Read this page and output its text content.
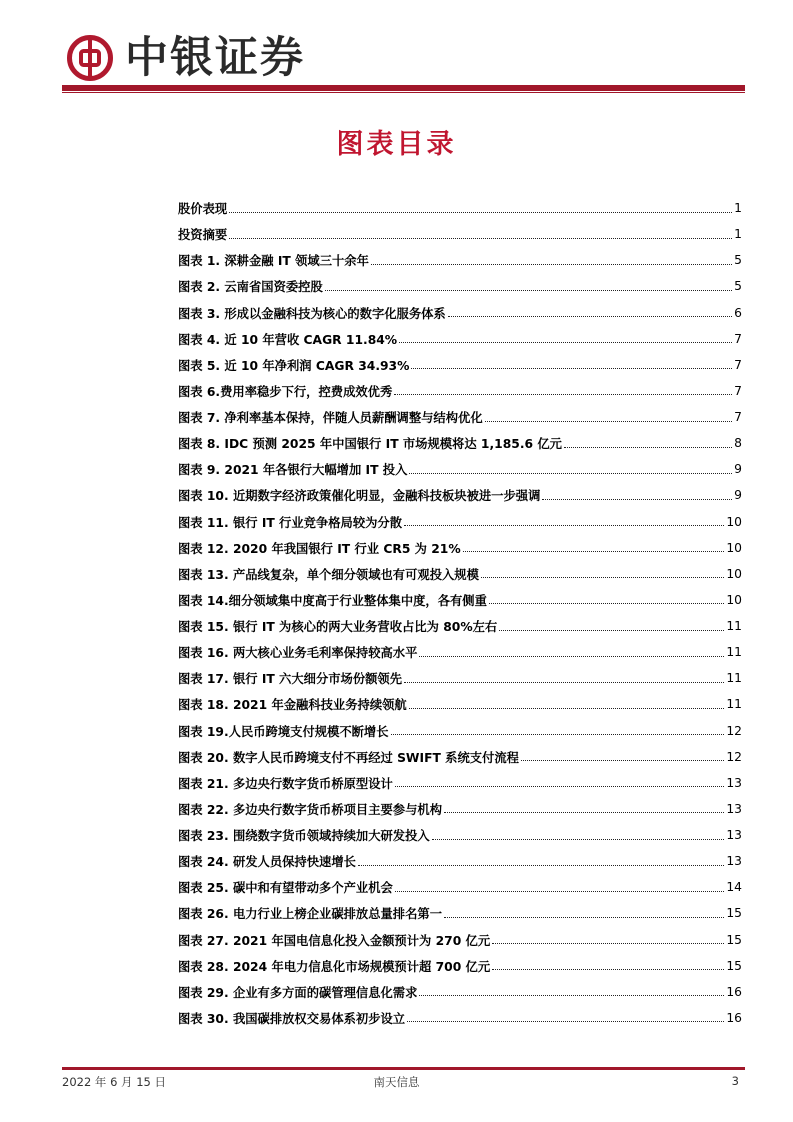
中银证券
图表目录
股价表现	1
投资摘要	1
图表 1. 深耕金融 IT 领域三十余年	5
图表 2. 云南省国资委控股	5
图表 3. 形成以金融科技为核心的数字化服务体系	6
图表 4. 近 10 年营收 CAGR 11.84%	7
图表 5. 近 10 年净利润 CAGR 34.93%	7
图表 6.费用率稳步下行，控费成效优秀	7
图表 7. 净利率基本保持，伴随人员薪酬调整与结构优化	7
图表 8. IDC 预测 2025 年中国银行 IT 市场规模将达 1,185.6 亿元	8
图表 9. 2021 年各银行大幅增加 IT 投入	9
图表 10. 近期数字经济政策催化明显，金融科技板块被进一步强调	9
图表 11. 银行 IT 行业竞争格局较为分散	10
图表 12. 2020 年我国银行 IT 行业 CR5 为 21%	10
图表 13. 产品线复杂，单个细分领域也有可观投入规模	10
图表 14.细分领域集中度高于行业整体集中度，各有侧重	10
图表 15. 银行 IT 为核心的两大业务营收占比为 80%左右	11
图表 16. 两大核心业务毛利率保持较高水平	11
图表 17. 银行 IT 六大细分市场份额领先	11
图表 18. 2021 年金融科技业务持续领航	11
图表 19.人民币跨境支付规模不断增长	12
图表 20. 数字人民币跨境支付不再经过 SWIFT 系统支付流程	12
图表 21. 多边央行数字货币桥原型设计	13
图表 22. 多边央行数字货币桥项目主要参与机构	13
图表 23. 围绕数字货币领域持续加大研发投入	13
图表 24. 研发人员保持快速增长	13
图表 25. 碳中和有望带动多个产业机会	14
图表 26. 电力行业上榜企业碳排放总量排名第一	15
图表 27. 2021 年国电信息化投入金额预计为 270 亿元	15
图表 28. 2024 年电力信息化市场规模预计超 700 亿元	15
图表 29. 企业有多方面的碳管理信息化需求	16
图表 30. 我国碳排放权交易体系初步设立	16
2022 年 6 月 15 日	南天信息	3
